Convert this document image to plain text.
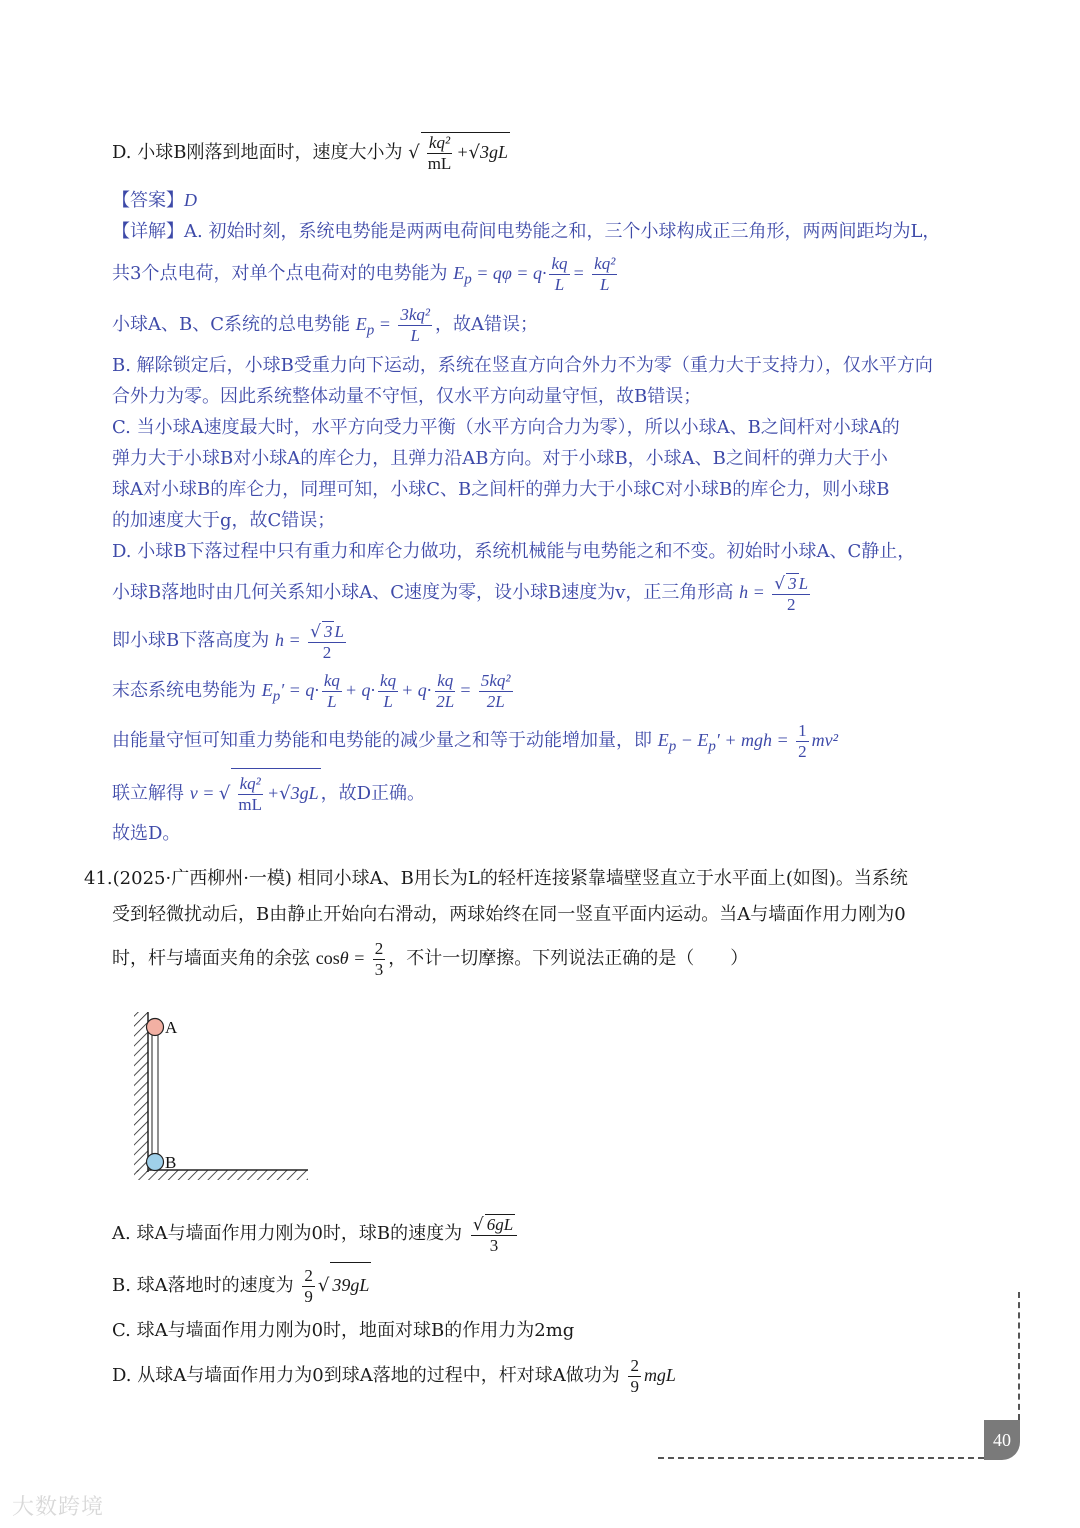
D. 小球B刚落到地面时，速度大小为 √ $\frac{\text{kq²}}{mL} +√3gL$
【答案】D
【详解】A. 初始时刻，系统电势能是两两电荷间电势能之和，三个小球构成正三角形，两两间距均为L，
共3个点电荷，对单个点电荷对的电势能为 $E_p = q\varphi = q\cdot \frac{kq}{L} = \frac{\text{kq²}}{L}$
小球A、B、C系统的总电势能 $E_p = \frac{\text{3kq²}}{L}$ ，故A错误；
B. 解除锁定后，小球B受重力向下运动，系统在竖直方向合外力不为零（重力大于支持力），仅水平方向
合外力为零。因此系统整体动量不守恒，仅水平方向动量守恒，故B错误；
C. 当小球A速度最大时，水平方向受力平衡（水平方向合力为零），所以小球A、B之间杆对小球A的
弹力大于小球B对小球A的库仑力，且弹力沿AB方向。对于小球B，小球A、B之间杆的弹力大于小
球A对小球B的库仑力，同理可知，小球C、B之间杆的弹力大于小球C对小球B的库仑力，则小球B
的加速度大于g，故C错误；
D. 小球B下落过程中只有重力和库仑力做功，系统机械能与电势能之和不变。初始时小球A、C静止，
小球B落地时由几何关系知小球A、C速度为零，设小球B速度为v，正三角形高 $h = \frac{√ 3 L}{2}$
即小球B下落高度为 $h = \frac{√ 3 L}{2}$
末态系统电势能为 $E_p' = q\cdot \frac{kq}{L} + q\cdot \frac{kq}{L} + q\cdot \frac{kq}{2L} = \frac{\text{5kq²}}{2L}$
由能量守恒可知重力势能和电势能的减少量之和等于动能增加量，即 $E_p - E_p'$ + mgh = $\frac{1}{2} mv^2$
联立解得 v = √ $\frac{\text{kq²}}{mL} +√3gL$ ，故D正确。
故选D。
41.(2025·广西柳州·一模) 相同小球A、B用长为L的轻杆连接紧靠墙壁竖直立于水平面上(如图)。当系统
受到轻微扰动后，B由静止开始向右滑动，两球始终在同一竖直平面内运动。当A与墙面作用力刚为0
时，杆与墙面夹角的余弦 $\cos\theta = \frac{2}{3}$ ，不计一切摩擦。下列说法正确的是（　　）
A
B
A. 球A与墙面作用力刚为0时，球B的速度为 $\frac{√ 6gL}{3}$
B. 球A落地时的速度为 $\frac{2}{9}$ √ 39gL
C. 球A与墙面作用力刚为0时，地面对球B的作用力为2mg
D. 从球A与墙面作用力为0到球A落地的过程中，杆对球A做功为 $\frac{2}{9}$ mgL
40
大数跨境
